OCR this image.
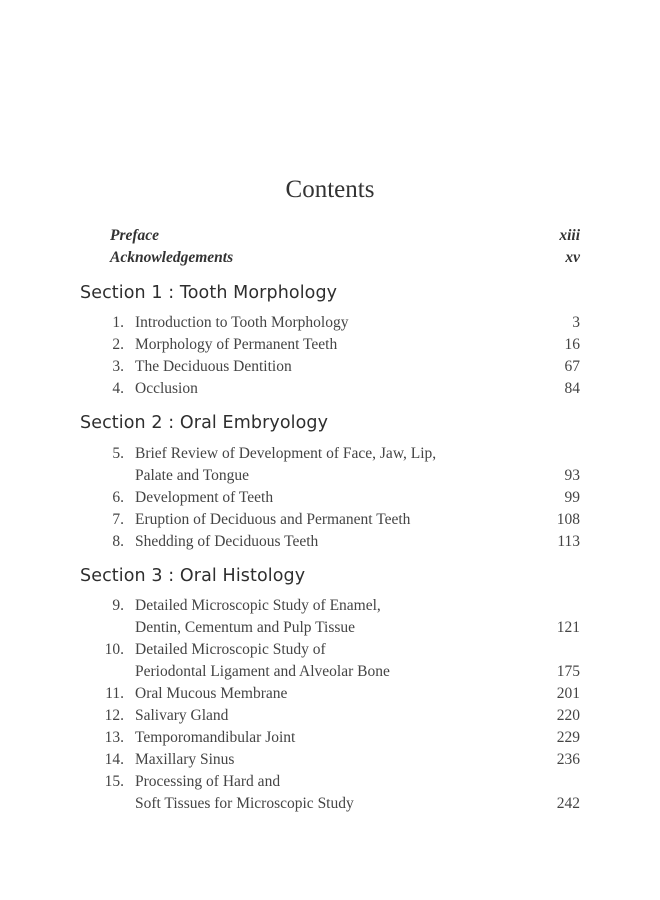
Contents
Preface	xiii
Acknowledgements	xv
Section 1 : Tooth Morphology
1. Introduction to Tooth Morphology	3
2. Morphology of Permanent Teeth	16
3. The Deciduous Dentition	67
4. Occlusion	84
Section 2 : Oral Embryology
5. Brief Review of Development of Face, Jaw, Lip,
Palate and Tongue	93
6. Development of Teeth	99
7. Eruption of Deciduous and Permanent Teeth	108
8. Shedding of Deciduous Teeth	113
Section 3 : Oral Histology
9. Detailed Microscopic Study of Enamel,
Dentin, Cementum and Pulp Tissue	121
10. Detailed Microscopic Study of
Periodontal Ligament and Alveolar Bone	175
11. Oral Mucous Membrane	201
12. Salivary Gland	220
13. Temporomandibular Joint	229
14. Maxillary Sinus	236
15. Processing of Hard and
Soft Tissues for Microscopic Study	242
